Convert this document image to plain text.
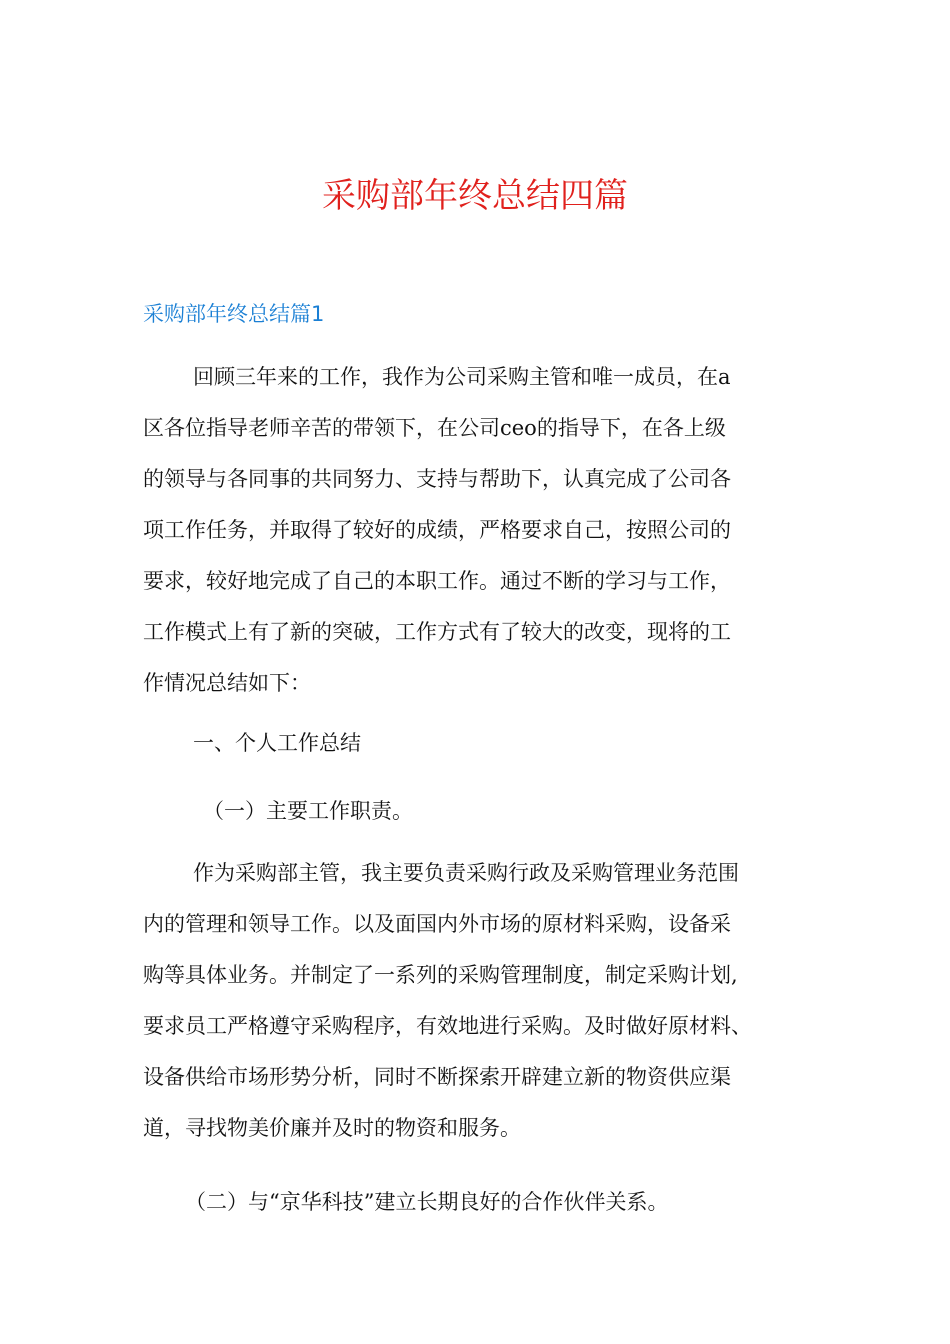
采购部年终总结四篇
采购部年终总结篇1
回顾三年来的工作，我作为公司采购主管和唯一成员，在a
区各位指导老师辛苦的带领下，在公司ceo的指导下，在各上级
的领导与各同事的共同努力、支持与帮助下，认真完成了公司各
项工作任务，并取得了较好的成绩，严格要求自己，按照公司的
要求，较好地完成了自己的本职工作。通过不断的学习与工作，
工作模式上有了新的突破，工作方式有了较大的改变，现将的工
作情况总结如下：
一、个人工作总结
（一）主要工作职责。
作为采购部主管，我主要负责采购行政及采购管理业务范围
内的管理和领导工作。以及面国内外市场的原材料采购，设备采
购等具体业务。并制定了一系列的采购管理制度，制定采购计划,
要求员工严格遵守采购程序，有效地进行采购。及时做好原材料、
设备供给市场形势分析，同时不断探索开辟建立新的物资供应渠
道，寻找物美价廉并及时的物资和服务。
（二）与“京华科技”建立长期良好的合作伙伴关系。
